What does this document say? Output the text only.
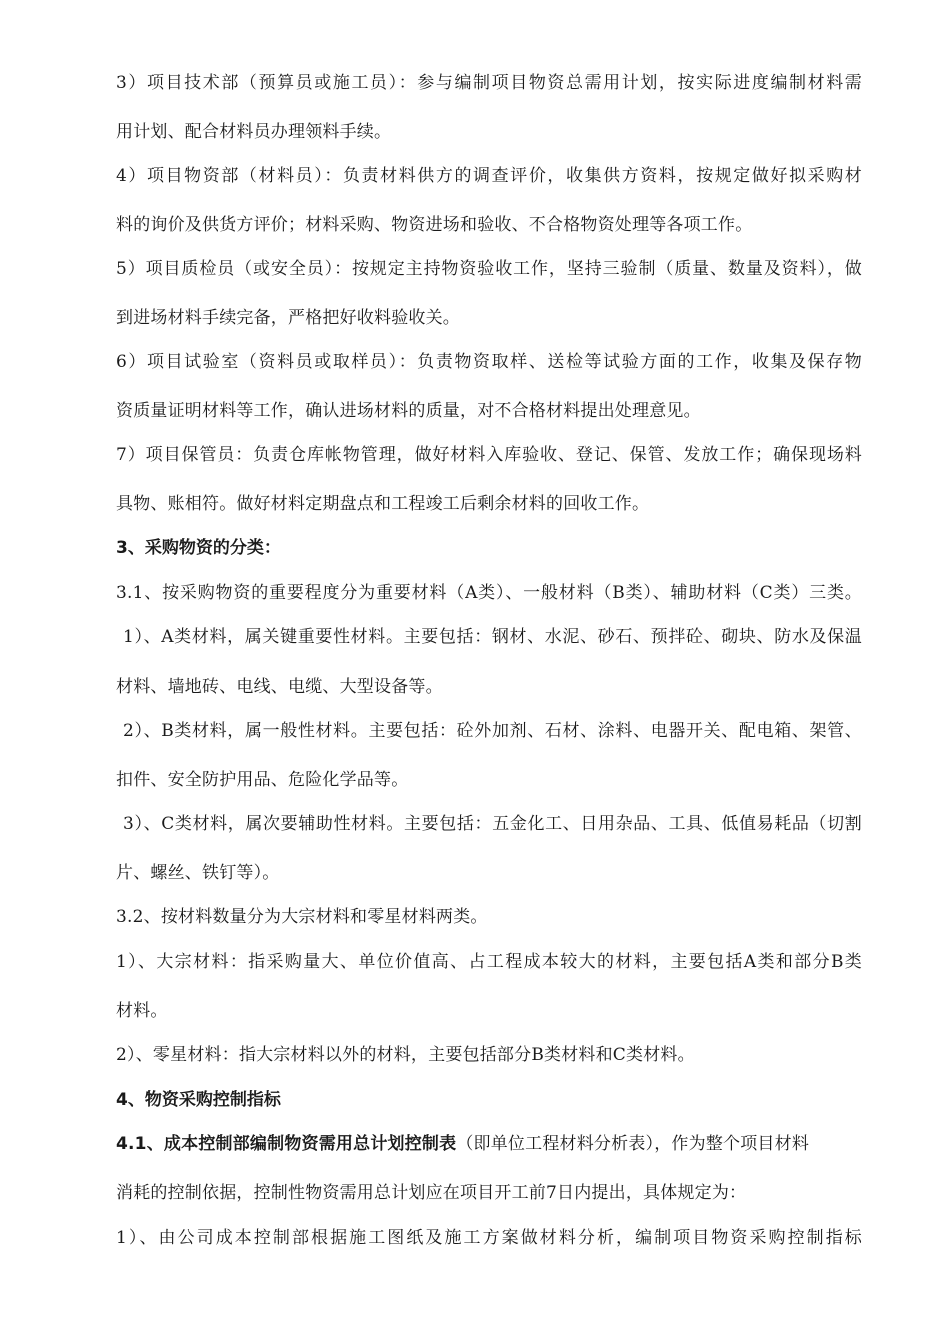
3）项目技术部（预算员或施工员）：参与编制项目物资总需用计划，按实际进度编制材料需
用计划、配合材料员办理领料手续。
4）项目物资部（材料员）：负责材料供方的调查评价，收集供方资料，按规定做好拟采购材
料的询价及供货方评价；材料采购、物资进场和验收、不合格物资处理等各项工作。
5）项目质检员（或安全员）：按规定主持物资验收工作，坚持三验制（质量、数量及资料），做
到进场材料手续完备，严格把好收料验收关。
6）项目试验室（资料员或取样员）：负责物资取样、送检等试验方面的工作，收集及保存物
资质量证明材料等工作，确认进场材料的质量，对不合格材料提出处理意见。
7）项目保管员：负责仓库帐物管理，做好材料入库验收、登记、保管、发放工作；确保现场料
具物、账相符。做好材料定期盘点和工程竣工后剩余材料的回收工作。
3、采购物资的分类：
3.1、按采购物资的重要程度分为重要材料（A类）、一般材料（B类）、辅助材料（C类）三类。
1）、A类材料，属关键重要性材料。主要包括：钢材、水泥、砂石、预拌砼、砌块、防水及保温
材料、墙地砖、电线、电缆、大型设备等。
2）、B类材料，属一般性材料。主要包括：砼外加剂、石材、涂料、电器开关、配电箱、架管、
扣件、安全防护用品、危险化学品等。
3）、C类材料，属次要辅助性材料。主要包括：五金化工、日用杂品、工具、低值易耗品（切割
片、螺丝、铁钉等）。
3.2、按材料数量分为大宗材料和零星材料两类。
1）、大宗材料：指采购量大、单位价值高、占工程成本较大的材料，主要包括A类和部分B类
材料。
2）、零星材料：指大宗材料以外的材料，主要包括部分B类材料和C类材料。
4、物资采购控制指标
4.1、成本控制部编制物资需用总计划控制表（即单位工程材料分析表），作为整个项目材料
消耗的控制依据，控制性物资需用总计划应在项目开工前7日内提出，具体规定为：
1）、由公司成本控制部根据施工图纸及施工方案做材料分析，编制项目物资采购控制指标
